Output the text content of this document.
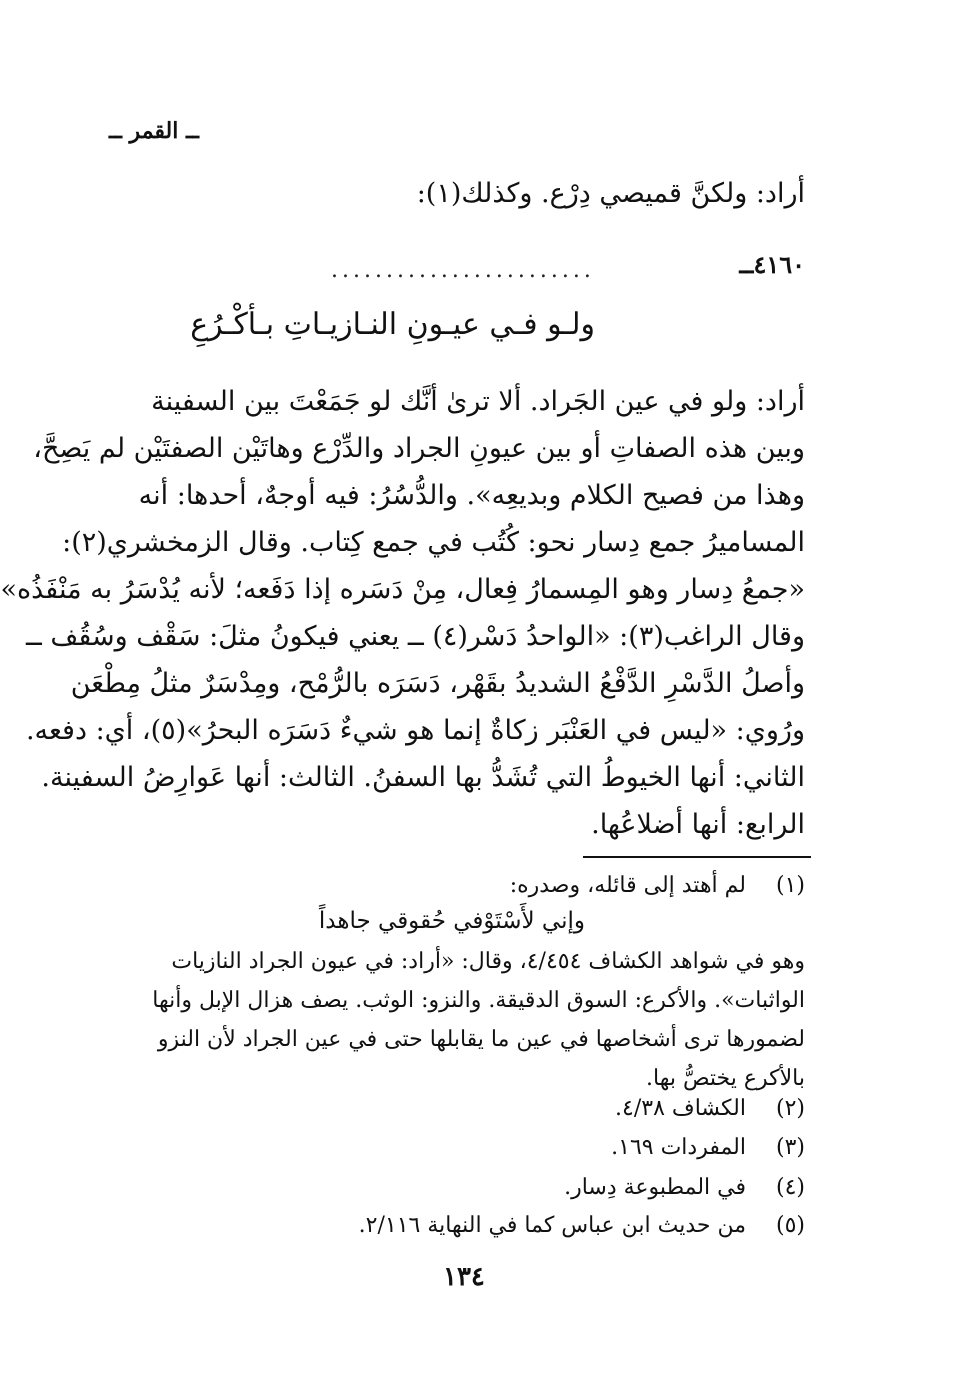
ــ القمر ــ
أراد: ولكنَّ قميصي دِرْع. وكذلك(١):
٤١٦٠ــ
........................
ولـو فـي عيـونِ النـازيـاتِ بـأكْـرُعِ

أراد: ولو في عين الجَراد. ألا ترىٰ أنَّك لو جَمَعْتَ بين السفينة

وبين هذه الصفاتِ أو بين عيونِ الجراد والدِّرْع وهاتَيْن الصفتَيْن لم يَصِحَّ،

وهذا من فصيح الكلام وبديعِه». والدُّسُرُ: فيه أوجهٌ، أحدها: أنه

المساميرُ جمع دِسار نحو: كُتُب في جمع كِتاب. وقال الزمخشري(٢):

«جمعُ دِسار وهو المِسمارُ فِعال، مِنْ دَسَره إذا دَفَعه؛ لأنه يُدْسَرُ به مَنْفَذُه»

وقال الراغب(٣): «الواحدُ دَسْر(٤) ــ يعني فيكونُ مثلَ: سَقْف وسُقُف ــ

وأصلُ الدَّسْرِ الدَّفْعُ الشديدُ بقَهْر، دَسَرَه بالرُّمْح، ومِدْسَرٌ مثلُ مِطْعَن

ورُوي: «ليس في العَنْبَر زكاةٌ إنما هو شيءٌ دَسَرَه البحرُ»(٥)، أي: دفعه.

الثاني: أنها الخيوطُ التي تُشَدُّ بها السفنُ. الثالث: أنها عَوارِضُ السفينة.

الرابع: أنها أضلاعُها.

(١) لم أهتد إلى قائله، وصدره:
وإني لأَسْتَوْفي حُقوقي جاهداً

وهو في شواهد الكشاف ٤/٤٥٤، وقال: «أراد: في عيون الجراد النازيات

الواثبات». والأكرع: السوق الدقيقة. والنزو: الوثب. يصف هزال الإبل وأنها

لضمورها ترى أشخاصها في عين ما يقابلها حتى في عين الجراد لأن النزو

بالأكرع يختصُّ بها.

(٢) الكشاف ٤/٣٨.
(٣) المفردات ١٦٩.
(٤) في المطبوعة دِسار.
(٥) من حديث ابن عباس كما في النهاية ٢/١١٦.
١٣٤
